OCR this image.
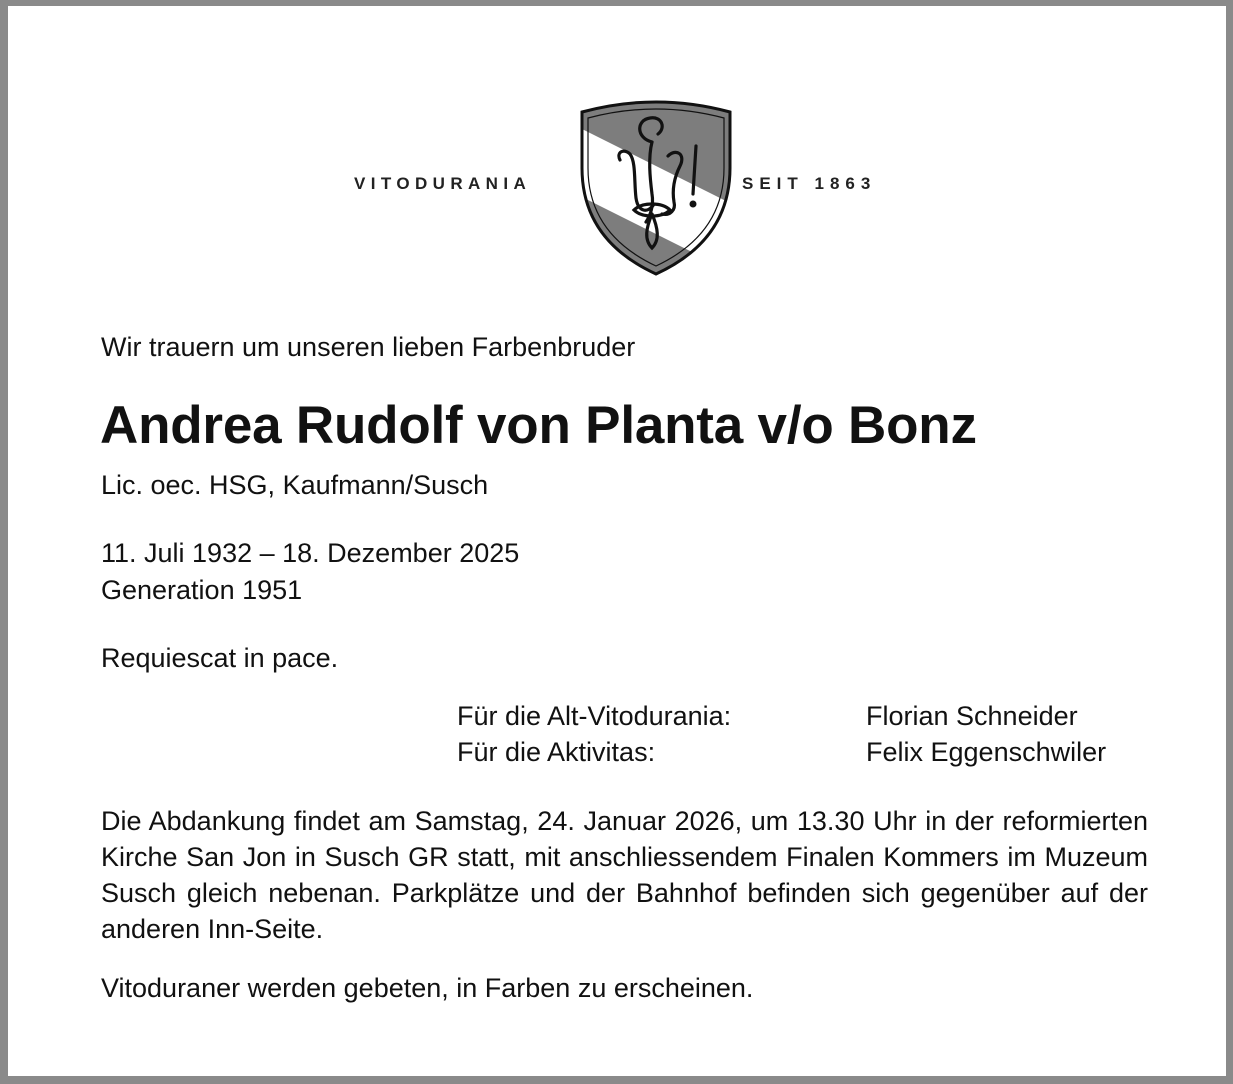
VITODURANIA	SEIT 1863
Wir trauern um unseren lieben Farbenbruder
Andrea Rudolf von Planta v/o Bonz
Lic. oec. HSG, Kaufmann/Susch
11. Juli 1932 – 18. Dezember 2025
Generation 1951
Requiescat in pace.
Für die Alt-Vitodurania:	Florian Schneider
Für die Aktivitas:	Felix Eggenschwiler
Die Abdankung findet am Samstag, 24. Januar 2026, um 13.30 Uhr in der reformierten Kirche San Jon in Susch GR statt, mit anschliessendem Finalen Kommers im Muzeum Susch gleich nebenan. Parkplätze und der Bahnhof befinden sich gegenüber auf der anderen Inn-Seite.
Vitoduraner werden gebeten, in Farben zu erscheinen.
